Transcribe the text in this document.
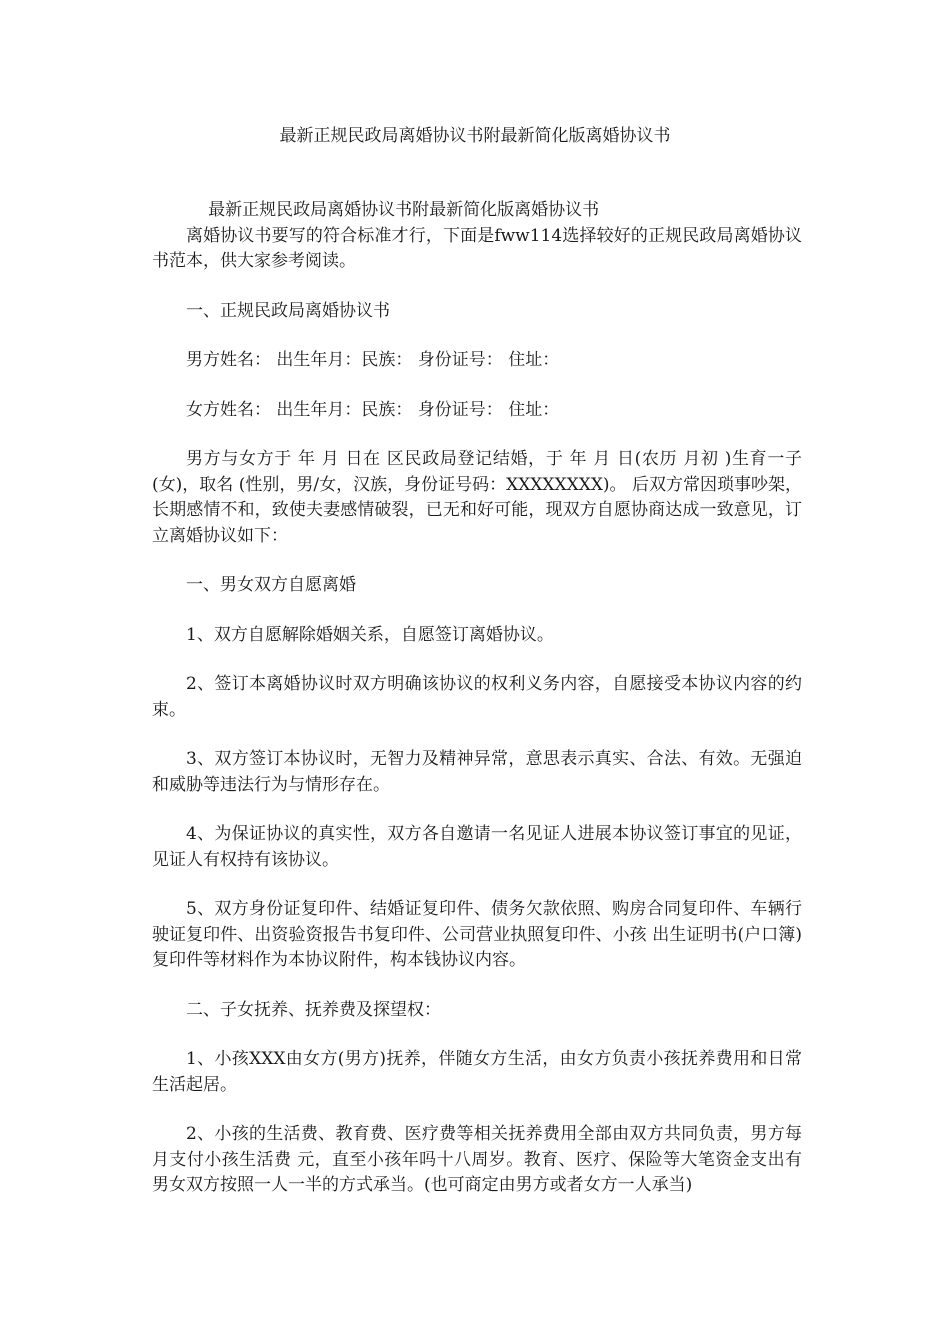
最新正规民政局离婚协议书附最新简化版离婚协议书

最新正规民政局离婚协议书附最新简化版离婚协议书

离婚协议书要写的符合标准才行，下面是fww114选择较好的正规民政局离婚协议书范本，供大家参考阅读。

一、正规民政局离婚协议书

男方姓名： 出生年月：民族： 身份证号： 住址：

女方姓名： 出生年月：民族： 身份证号： 住址：

男方与女方于 年 月 日在 区民政局登记结婚，于 年 月 日(农历 月初 )生育一子(女)，取名 (性别，男/女，汉族，身份证号码：XXXXXXXX)。 后双方常因琐事吵架，长期感情不和，致使夫妻感情破裂，已无和好可能，现双方自愿协商达成一致意见，订立离婚协议如下：

一、男女双方自愿离婚

1、双方自愿解除婚姻关系，自愿签订离婚协议。

2、签订本离婚协议时双方明确该协议的权利义务内容，自愿接受本协议内容的约束。

3、双方签订本协议时，无智力及精神异常，意思表示真实、合法、有效。无强迫和威胁等违法行为与情形存在。

4、为保证协议的真实性，双方各自邀请一名见证人进展本协议签订事宜的见证，见证人有权持有该协议。

5、双方身份证复印件、结婚证复印件、债务欠款依照、购房合同复印件、车辆行驶证复印件、出资验资报告书复印件、公司营业执照复印件、小孩 出生证明书(户口簿)复印件等材料作为本协议附件，构本钱协议内容。

二、子女抚养、抚养费及探望权：

1、小孩XXX由女方(男方)抚养，伴随女方生活，由女方负责小孩抚养费用和日常生活起居。

2、小孩的生活费、教育费、医疗费等相关抚养费用全部由双方共同负责，男方每月支付小孩生活费 元，直至小孩年吗十八周岁。教育、医疗、保险等大笔资金支出有男女双方按照一人一半的方式承当。(也可商定由男方或者女方一人承当)
